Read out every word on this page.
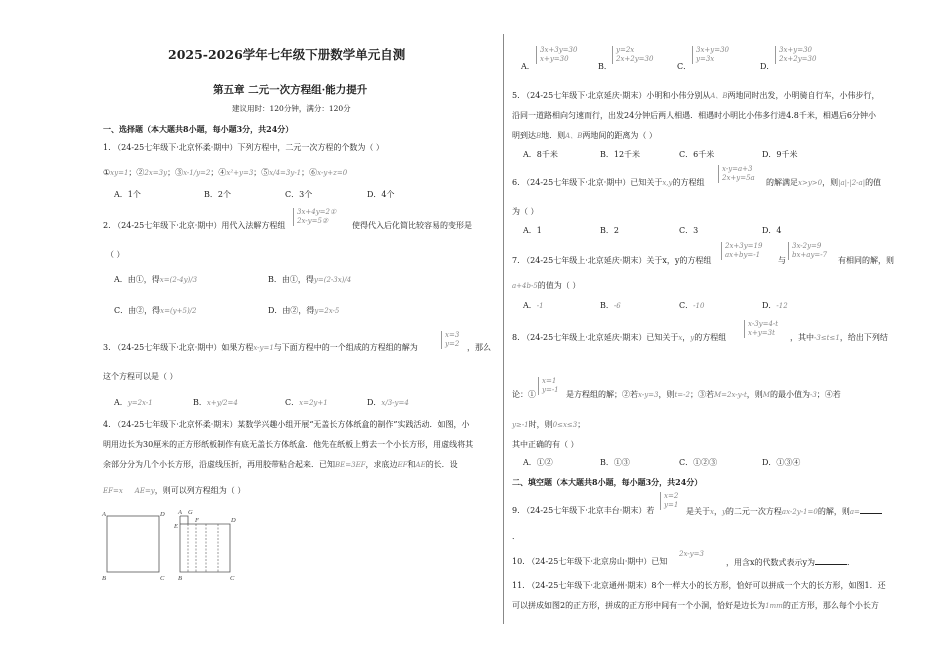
2025-2026学年七年级下册数学单元自测
第五章 二元一次方程组·能力提升
建议用时：120分钟，满分：120分
一、选择题（本大题共8小题，每小题3分，共24分）
1. （24-25七年级下·北京怀柔·期中）下列方程中，二元一次方程的个数为（ ）
①xy=1；②2x=3y；③x-1/y=2；④x²+y=3；⑤x/4=3y-1；⑥x-y+z=0
A．1个	B．2个	C．3个	D．4个
2. （24-25七年级下·北京·期中）用代入法解方程组
3x+4y=2①
2x-y=5②	使得代入后化简比较容易的变形是
（ ）
A．由①，得x=(2-4y)/3	B．由①，得y=(2-3x)/4
C．由②，得x=(y+5)/2	D．由②，得y=2x-5
3. （24-25七年级下·北京·期中）如果方程x-y=1与下面方程中的一个组成的方程组的解为
x=3
y=2 ，那么
这个方程可以是（ ）
A．y=2x-1	B．x+y/2=4	C．x=2y+1	D．x/3-y=4
4. （24-25七年级下·北京怀柔·期末）某数学兴趣小组开展“无盖长方体纸盒的制作”实践活动．如图，小
明用边长为30厘米的正方形纸板制作有底无盖长方体纸盒．他先在纸板上剪去一个小长方形，用虚线将其
余部分分为几个小长方形，沿虚线压折，再用胶带粘合起来．已知BE=3EF，求底边EF和AE的长．设
EF=x AE=y，则可以列方程组为（ ）
A	D
B	C
A G
F	D
E
B	C
A．
3x+3y=30
x+y=30
B．
y=2x
2x+2y=30
C．
3x+y=30
y=3x
D．
3x+y=30
2x+2y=30
5. （24-25七年级下·北京延庆·期末）小明和小伟分别从A、B两地同时出发，小明骑自行车，小伟步行，
沿同一道路相向匀速而行，出发24分钟后两人相遇．相遇时小明比小伟多行进4.8千米，相遇后6分钟小
明到达B地．则A、B两地间的距离为（ ）
A．8千米	B．12千米	C．6千米	D．9千米
6. （24-25七年级下·北京·期中）已知关于x,y的方程组
x-y=a+3
2x+y=5a 的解满足x>y>0，则|a|-|2-a|的值
为（ ）
A．1	B．2	C．3	D．4
7. （24-25七年级上·北京延庆·期末）关于x，y的方程组
2x+3y=19
ax+by=-1
与
3x-2y=9
bx+ay=-7
有相同的解，则
a+4b-5的值为（ ）
A．-1	B．-6	C．-10	D．-12
8. （24-25七年级上·北京延庆·期末）已知关于x，y的方程组
x-3y=4-t
x+y=3t	，其中-3≤t≤1，给出下列结
论：①
x=1
y=-1 是方程组的解；②若x-y=3，则t=-2；③若M=2x-y-t，则M的最小值为-3；④若
y≥-1时，则0≤x≤3；
其中正确的有（ ）
A．①②	B．①③	C．①②③	D．①③④
二、填空题（本大题共8小题，每小题3分，共24分）
9. （24-25七年级下·北京丰台·期末）若
x=2
y=1
是关于x，y的二元一次方程ax-2y-1=0的解，则a=
．
10. （24-25七年级下·北京房山·期中）已知
2x-y=3
，用含x的代数式表示y为	．
11. （24-25七年级下·北京通州·期末）8个一样大小的长方形，恰好可以拼成一个大的长方形，如图1．还
可以拼成如图2的正方形，拼成的正方形中间有一个小洞，恰好是边长为1mm的正方形，那么每个小长方
